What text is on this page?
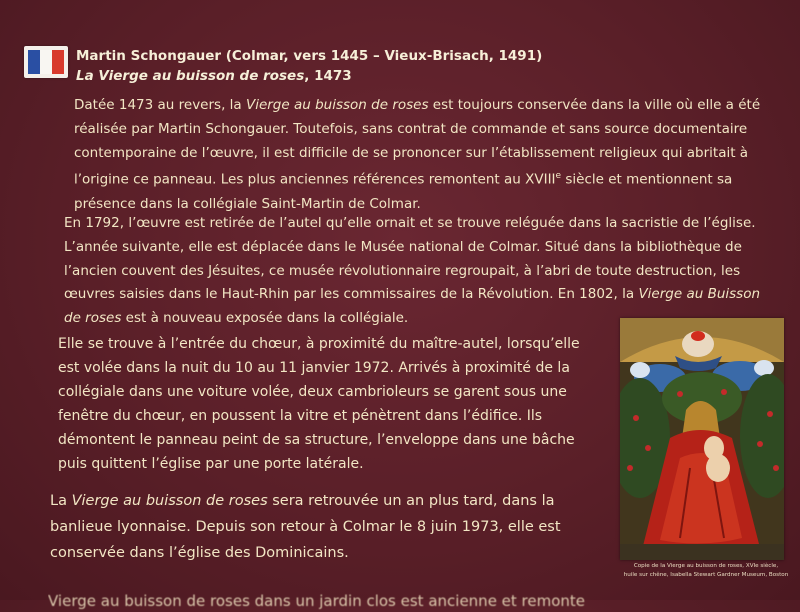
Martin Schongauer (Colmar, vers 1445 – Vieux-Brisach, 1491)
La Vierge au buisson de roses, 1473

Datée 1473 au revers, la Vierge au buisson de roses est toujours conservée dans la ville où elle a été réalisée par Martin Schongauer. Toutefois, sans contrat de commande et sans source documentaire contemporaine de l’œuvre, il est difficile de se prononcer sur l’établissement religieux qui abritait à l’origine ce panneau. Les plus anciennes références remontent au XVIIIe siècle et mentionnent sa présence dans la collégiale Saint-Martin de Colmar.

En 1792, l’œuvre est retirée de l’autel qu’elle ornait et se trouve reléguée dans la sacristie de l’église. L’année suivante, elle est déplacée dans le Musée national de Colmar. Situé dans la bibliothèque de l’ancien couvent des Jésuites, ce musée révolutionnaire regroupait, à l’abri de toute destruction, les œuvres saisies dans le Haut-Rhin par les commissaires de la Révolution. En 1802, la Vierge au Buisson de roses est à nouveau exposée dans la collégiale.

Elle se trouve à l’entrée du chœur, à proximité du maître-autel, lorsqu’elle est volée dans la nuit du 10 au 11 janvier 1972. Arrivés à proximité de la collégiale dans une voiture volée, deux cambrioleurs se garent sous une fenêtre du chœur, en poussent la vitre et pénètrent dans l’édifice. Ils démontent le panneau peint de sa structure, l’enveloppe dans une bâche puis quittent l’église par une porte latérale.

La Vierge au buisson de roses sera retrouvée un an plus tard, dans la banlieue lyonnaise. Depuis son retour à Colmar le 8 juin 1973, elle est conservée dans l’église des Dominicains.

Copie de la Vierge au buisson de roses, XVIe siècle,
huile sur chêne, Isabella Stewart Gardner Museum, Boston
Vierge au buisson de roses dans un jardin clos est ancienne et remonte
